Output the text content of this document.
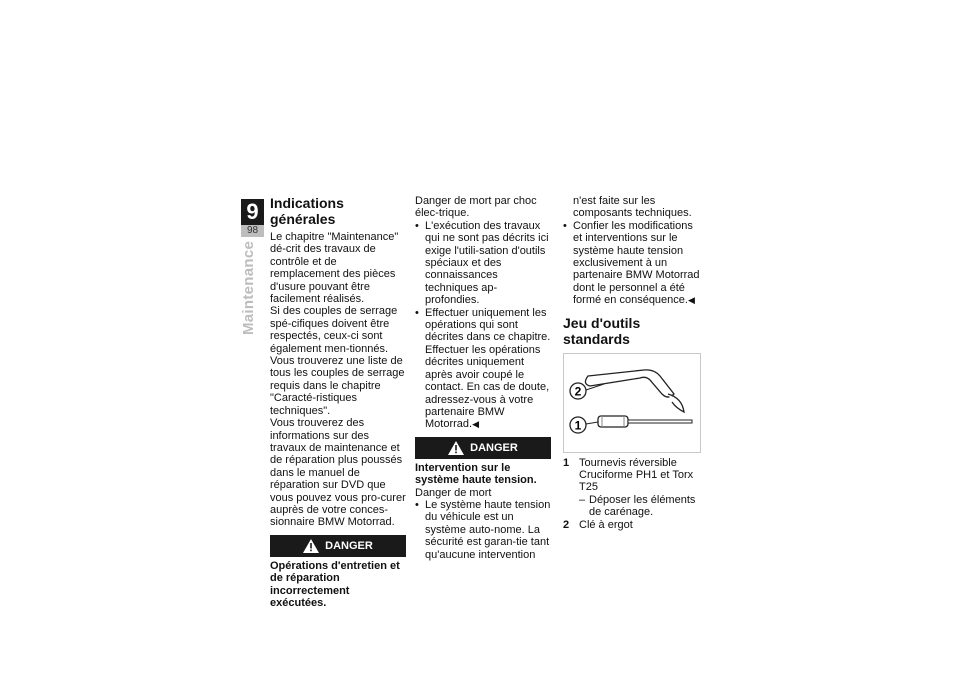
9
98
Maintenance
Indications générales

Le chapitre "Maintenance" dé-crit des travaux de contrôle et de remplacement des pièces d'usure pouvant être facilement réalisés.

Si des couples de serrage spé-cifiques doivent être respectés, ceux-ci sont également men-tionnés. Vous trouverez une liste de tous les couples de serrage requis dans le chapitre "Caracté-ristiques techniques".

Vous trouverez des informations sur des travaux de maintenance et de réparation plus poussés dans le manuel de réparation sur DVD que vous pouvez vous pro-curer auprès de votre conces-sionnaire BMW Motorrad.

DANGER

Opérations d'entretien et de réparation incorrectement exécutées.

Danger de mort par choc élec-trique.

• L'exécution des travaux qui ne sont pas décrits ici exige l'utili-sation d'outils spéciaux et des connaissances techniques ap-profondies.
• Effectuer uniquement les opérations qui sont décrites dans ce chapitre. Effectuer les opérations décrites uniquement après avoir coupé le contact. En cas de doute, adressez-vous à votre partenaire BMW Motorrad.◀
DANGER

Intervention sur le système haute tension.

Danger de mort

• Le système haute tension du véhicule est un système auto-nome. La sécurité est garan-tie tant qu'aucune intervention

n'est faite sur les composants techniques.

• Confier les modifications et interventions sur le système haute tension exclusivement à un partenaire BMW Motorrad dont le personnel a été formé en conséquence.◀
Jeu d'outils standards
2
1
1 Tournevis réversible
Cruciforme PH1 et Torx T25
– Déposer les éléments de carénage.
2 Clé à ergot
